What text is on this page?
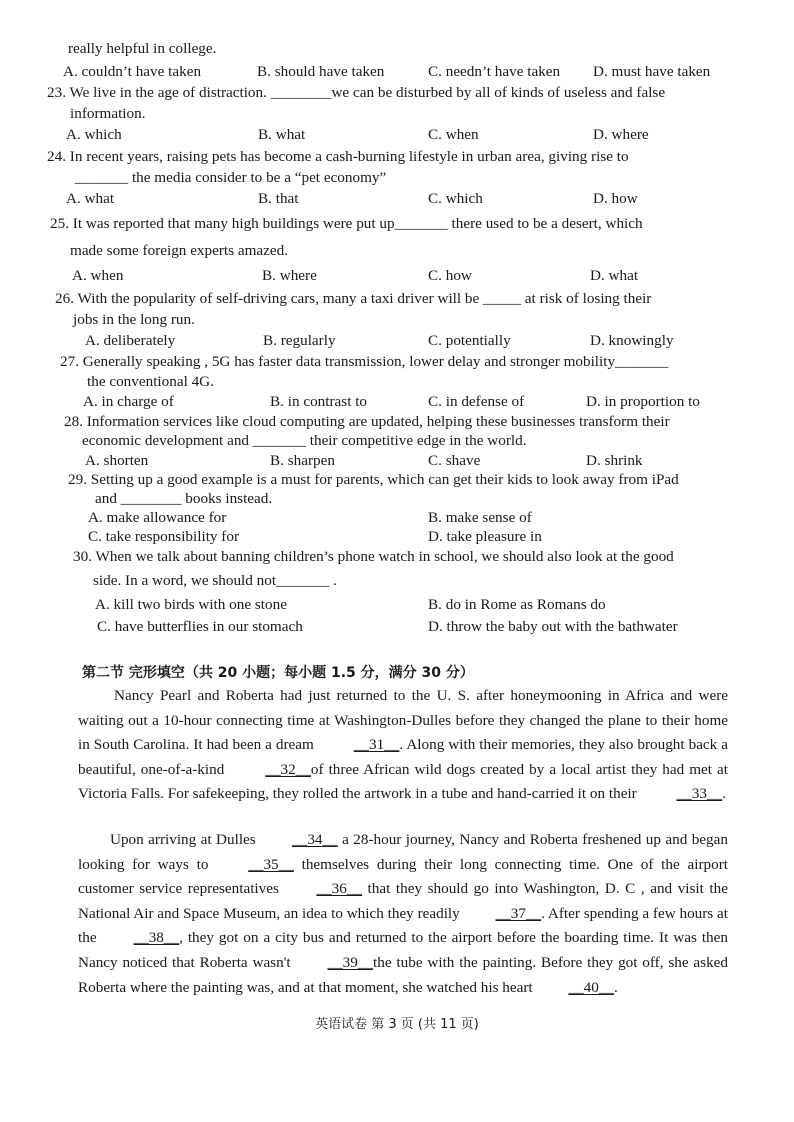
really helpful in college.
A. couldn’t have taken	B. should have taken	C. needn’t have taken D. must have taken
23. We live in the age of distraction. ________we can be disturbed by all of kinds of useless and false
information.
A. which	B. what	C. when	D. where
24. In recent years, raising pets has become a cash-burning lifestyle in urban area, giving rise to
_______ the media consider to be a “pet economy”
A. what	B. that	C. which	D. how
25. It was reported that many high buildings were put up_______ there used to be a desert, which
made some foreign experts amazed.
A. when	B. where	C. how	D. what
26. With the popularity of self-driving cars, many a taxi driver will be _____ at risk of losing their
jobs in the long run.
A. deliberately	B. regularly	C. potentially	D. knowingly
27. Generally speaking , 5G has faster data transmission, lower delay and stronger mobility_______
the conventional 4G.
A. in charge of	B. in contrast to	C. in defense of	D. in proportion to
28. Information services like cloud computing are updated, helping these businesses transform their
economic development and _______ their competitive edge in the world.
A. shorten	B. sharpen	C. shave	D. shrink
29. Setting up a good example is a must for parents, which can get their kids to look away from iPad
and ________ books instead.
A. make allowance for	B. make sense of
C. take responsibility for	D. take pleasure in
30. When we talk about banning children’s phone watch in school, we should also look at the good
side. In a word, we should not_______ .
A. kill two birds with one stone	B. do in Rome as Romans do
C. have butterflies in our stomach	D. throw the baby out with the bathwater
第二节 完形填空（共 20 小题；每小题 1.5 分，满分 30 分）
Nancy Pearl and Roberta had just returned to the U. S. after honeymooning in Africa and were waiting out a 10-hour connecting time at Washington-Dulles before they changed the plane to their home in South Carolina. It had been a dream __31__. Along with their memories, they also brought back a beautiful, one-of-a-kind __32__of three African wild dogs created by a local artist they had met at Victoria Falls. For safekeeping, they rolled the artwork in a tube and hand-carried it on their __33__.
Upon arriving at Dulles __34__ a 28-hour journey, Nancy and Roberta freshened up and began looking for ways to __35__ themselves during their long connecting time. One of the airport customer service representatives __36__ that they should go into Washington, D. C , and visit the National Air and Space Museum, an idea to which they readily __37__. After spending a few hours at the __38__, they got on a city bus and returned to the airport before the boarding time. It was then Nancy noticed that Roberta wasn't __39__the tube with the painting. Before they got off, she asked Roberta where the painting was, and at that moment, she watched his heart __40__.
英语试卷 第 3 页 (共 11 页)
